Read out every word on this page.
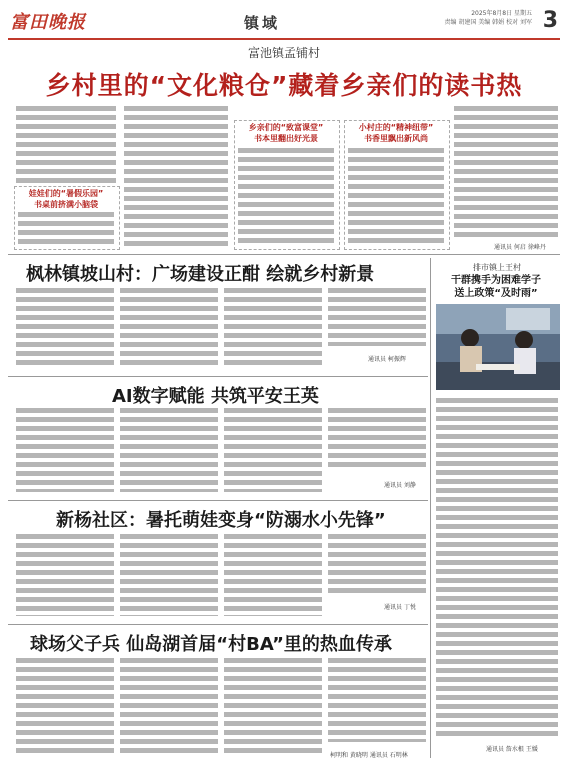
富田晚报	镇域
2025年8月8日 星期五
责编 胡建国 美编 韩娟 校对 刘军 3
富池镇孟铺村
乡村里的“文化粮仓”藏着乡亲们的读书热
娃娃们的“暑假乐园”
书桌前挤满小脑袋
乡亲们的“致富课堂”
书本里翻出好光景
小村庄的“精神纽带”
书香里飘出新风尚
通讯员 何启 徐峰丹
枫林镇坡山村：广场建设正酣 绘就乡村新景
通讯员 柯振辉
排市镇上王村
干群携手为困难学子
送上政策“及时雨”
通讯员 詹水根 王媛
AI数字赋能 共筑平安王英
通讯员 刘静
新杨社区：暑托萌娃变身“防溺水小先锋”
通讯员 丁悦
球场父子兵 仙岛湖首届“村BA”里的热血传承
柯明和 黄晓明 通讯员 石明林
